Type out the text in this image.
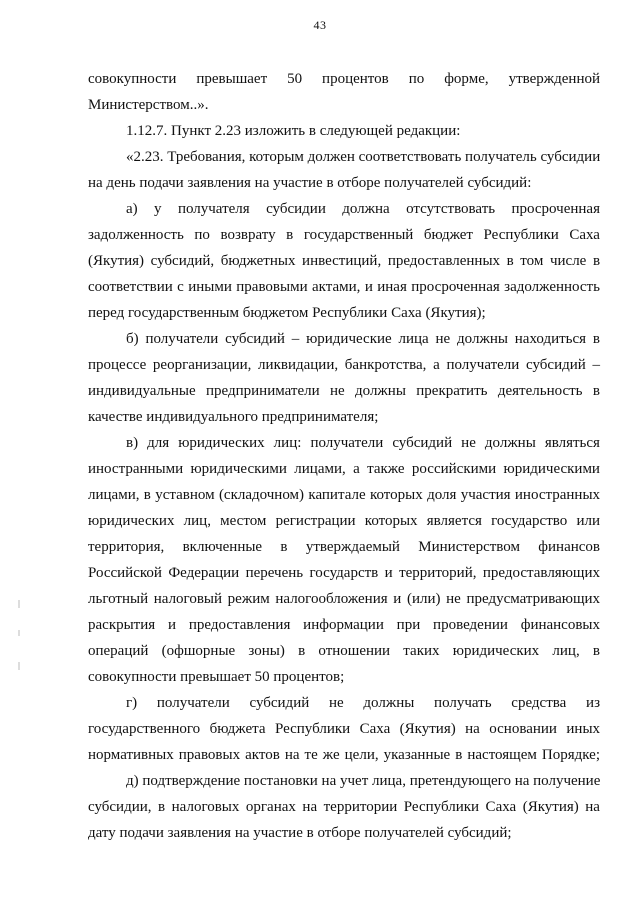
43
совокупности превышает 50 процентов по форме, утвержденной
Министерством..».
1.12.7. Пункт 2.23 изложить в следующей редакции:
«2.23. Требования, которым должен соответствовать получатель субсидии
на день подачи заявления на участие в отборе получателей субсидий:
а) у получателя субсидии должна отсутствовать просроченная
задолженность по возврату в государственный бюджет Республики Саха
(Якутия) субсидий, бюджетных инвестиций, предоставленных в том числе в
соответствии с иными правовыми актами, и иная просроченная задолженность
перед государственным бюджетом Республики Саха (Якутия);
б) получатели субсидий – юридические лица не должны находиться в
процессе реорганизации, ликвидации, банкротства, а получатели субсидий –
индивидуальные предприниматели не должны прекратить деятельность в
качестве индивидуального предпринимателя;
в) для юридических лиц: получатели субсидий не должны являться
иностранными юридическими лицами, а также российскими юридическими
лицами, в уставном (складочном) капитале которых доля участия иностранных
юридических лиц, местом регистрации которых является государство или
территория, включенные в утверждаемый Министерством финансов
Российской Федерации перечень государств и территорий, предоставляющих
льготный налоговый режим налогообложения и (или) не предусматривающих
раскрытия и предоставления информации при проведении финансовых
операций (офшорные зоны) в отношении таких юридических лиц, в
совокупности превышает 50 процентов;
г) получатели субсидий не должны получать средства из
государственного бюджета Республики Саха (Якутия) на основании иных
нормативных правовых актов на те же цели, указанные в настоящем Порядке;
д) подтверждение постановки на учет лица, претендующего на получение
субсидии, в налоговых органах на территории Республики Саха (Якутия) на
дату подачи заявления на участие в отборе получателей субсидий;
